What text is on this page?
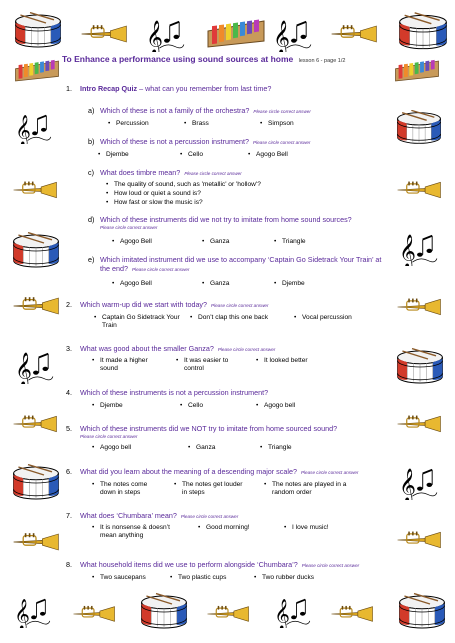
To Enhance a performance using sound sources at home lesson 6 - page 1/2
1. Intro Recap Quiz – what can you remember from last time?
a) Which of these is not a family of the orchestra? Please circle correct answer
• Percussion	• Brass	• Simpson
b) Which of these is not a percussion instrument? Please circle correct answer
• Djembe	• Cello	• Agogo Bell
c) What does timbre mean? Please circle correct answer
• The quality of sound, such as 'metallic' or 'hollow'?
• How loud or quiet a sound is?
• How fast or slow the music is?
d) Which of these instruments did we not try to imitate from home sound sources?
Please circle correct answer
• Agogo Bell	• Ganza	• Triangle
e) Which imitated instrument did we use to accompany ‘Captain Go Sidetrack Your Train’ at the end? Please circle correct answer
• Agogo Bell	• Ganza	• Djembe
2. Which warm-up did we start with today? Please circle correct answer
• Captain Go Sidetrack Your Train
• Don’t clap this one back	• Vocal percussion
3. What was good about the smaller Ganza? Please circle correct answer
• It made a higher sound
• It was easier to control
• It looked better
4. Which of these instruments is not a percussion instrument?
• Djembe	• Cello	• Agogo bell
5. Which of these instruments did we NOT try to imitate from home sourced sound?
Please circle correct answer
• Agogo bell	• Ganza	• Triangle
6. What did you learn about the meaning of a descending major scale? Please circle correct answer
• The notes come down in steps
• The notes get louder in steps
• The notes are played in a random order
7. What does ‘Chumbara’ mean? Please circle correct answer
• It is nonsense & doesn’t mean anything
• Good morning!	• I love music!
8. What household items did we use to perform alongside ‘Chumbara’? Please circle correct answer
• Two saucepans	• Two plastic cups	• Two rubber ducks
